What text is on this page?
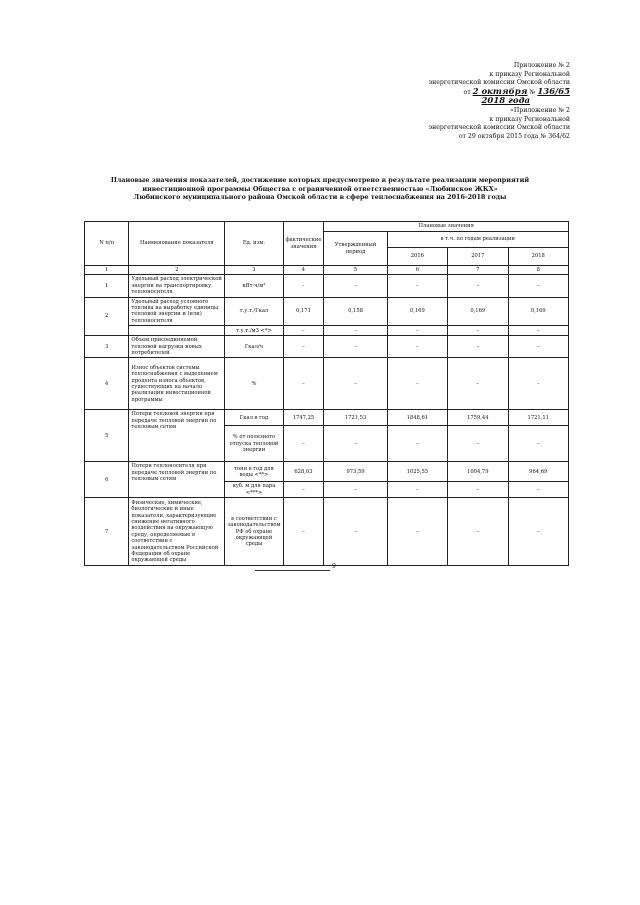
Приложение № 2
к приказу Региональной
энергетической комиссии Омской области
от 2 октября № 136/65
2018 года
«Приложение № 2
к приказу Региональной
энергетической комиссии Омской области
от 29 октября 2015 года № 364/62
Плановые значения показателей, достижение которых предусмотрено в результате реализации мероприятий
инвестиционной программы Общества с ограниченной ответственностью «Любинское ЖКХ»
Любинского муниципального района Омской области в сфере теплоснабжения на 2016-2018 годы
N п/п	Наименование показателя	Ед. изм.	фактические значения	Плановые значения			
				Утвержденный период	в т.ч. по годам реализации		
					2016	2017	2018
1	2	3	4	5	6	7	8
1	Удельный расход электрической энергии на транспортировку теплоносителя	кВт·ч/м³	-	–	–	–	–
2	Удельный расход условного топлива на выработку единицы тепловой энергии и (или) теплоносителя	т.у.т./Гкал	0,171	0,158	0,169	0,169	0,169
		т.у.т./м3 <*>	–	–	–	–	–
3	Объем присоединяемой тепловой нагрузки новых потребителей	Гкал/ч	–	–	–	–	–
4	Износ объектов системы теплоснабжения с выделением процента износа объектов, существующих на начало реализации инвестиционной программы	%	–	–	–	–	–
5	Потери тепловой энергии при передаче тепловой энергии по тепловым сетям	Гкал в год	1747,25	1721,53	1848,61	1759,44	1721,11
		% от полезного отпуска тепловой энергии	–	–	–	–	–
6	Потери теплоносителя при передаче тепловой энергии по тепловым сетям	тонн в год для воды <**>	628,03	973,59	1025,55	1004,79	964,69
		куб. м для пара <***>	–	–	–	–	–
7	Физические, химические, биологические и иные показатели, характеризующие снижение негативного воздействия на окружающую среду, определяемые в соответствии с законодательством Российской Федерации об охране окружающей среды	в соответствии с законодательством РФ об охране окружающей среды	–	–	–	–	–
9
